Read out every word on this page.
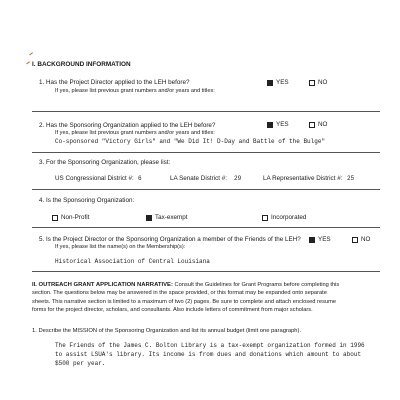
I. BACKGROUND INFORMATION
1. Has the Project Director applied to the LEH before?
If yes, please list previous grant numbers and/or years and titles:
YES	NO
2. Has the Sponsoring Organization applied to the LEH before?
If yes, please list previous grant numbers and/or years and titles:
YES	NO
Co-sponsored "Victory Girls" and "We Did It! D-Day and Battle of the Bulge"
3. For the Sponsoring Organization, please list:
US Congressional District #: 6	LA Senate District #: 29	LA Representative District #: 25
4. Is the Sponsoring Organization:
Non-Profit	Tax-exempt	Incorporated
5. Is the Project Director or the Sponsoring Organization a member of the Friends of the LEH?
If yes, please list the name(s) on the Membership(s):
YES	NO
Historical Association of Central Louisiana
II. OUTREACH GRANT APPLICATION NARRATIVE: Consult the Guidelines for Grant Programs before completing this
section. The questions below may be answered in the space provided, or this format may be expanded onto separate
sheets. This narrative section is limited to a maximum of two (2) pages. Be sure to complete and attach enclosed resume
forms for the project director, scholars, and consultants. Also include letters of commitment from major scholars.
1. Describe the MISSION of the Sponsoring Organization and list its annual budget (limit one paragraph).
The Friends of the James C. Bolton Library is a tax-exempt organization formed in 1996
to assist LSUA's library. Its income is from dues and donations which amount to about
$500 per year.
